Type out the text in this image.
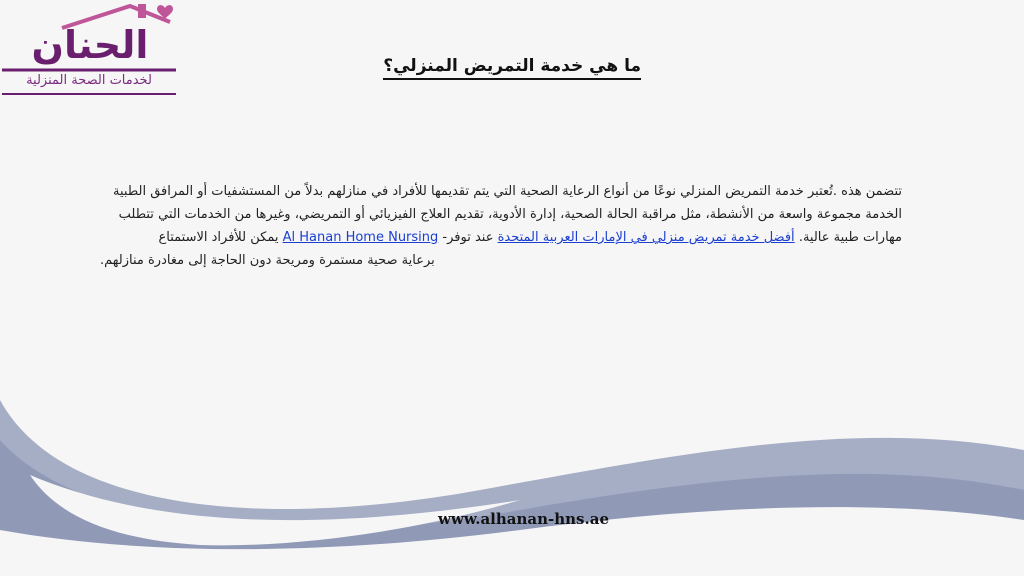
الحنان
لخدمات الصحة المنزلية
ما هي خدمة التمريض المنزلي؟
تتضمن هذه .تُعتبر خدمة التمريض المنزلي نوعًا من أنواع الرعاية الصحية التي يتم تقديمها للأفراد في منازلهم بدلاً من المستشفيات أو المرافق الطبية
الخدمة مجموعة واسعة من الأنشطة، مثل مراقبة الحالة الصحية، إدارة الأدوية، تقديم العلاج الفيزيائي أو التمريضي، وغيرها من الخدمات التي تتطلب
مهارات طبية عالية. أفضل خدمة تمريض منزلي في الإمارات العربية المتحدة عند توفر- Al Hanan Home Nursing يمكن للأفراد الاستمتاع
برعاية صحية مستمرة ومريحة دون الحاجة إلى مغادرة منازلهم.
www.alhanan-hns.ae
